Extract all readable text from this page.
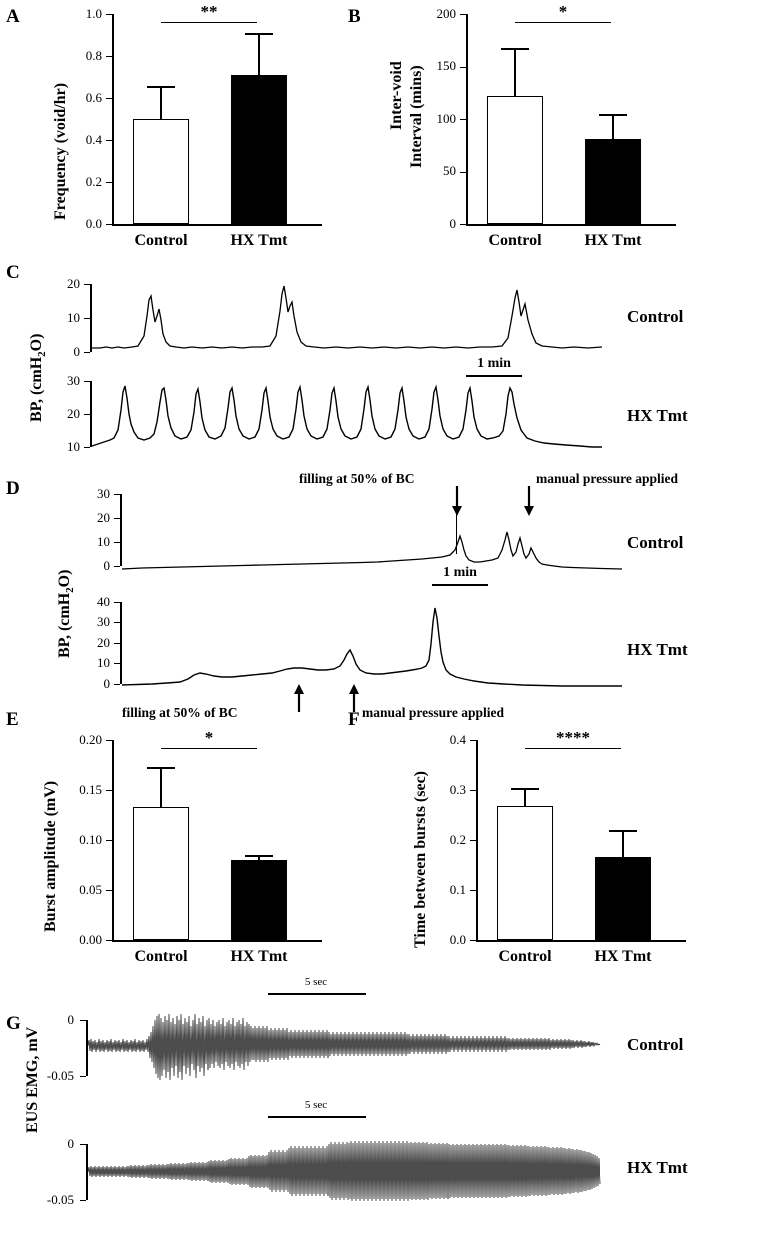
A
0.0
0.2
0.4
0.6
0.8
1.0
Frequency (void/hr)
**
Control	HX Tmt
B
0
50
100
150
200
Inter-void Interval (mins)
*
Control	HX Tmt
C
20
10
0
Control
1 min
30
20
10
HX Tmt
BP, (cmH$_2$O)
D	filling at 50% of BC	manual pressure applied
30
20
10
0
Control
1 min
40
30
20
10
0
filling at 50% of BC	manual pressure applied
HX Tmt
BP, (cmH$_2$O)
E
0.00
0.05
0.10
0.15
0.20
Burst amplitude (mV)
*
Control	HX Tmt
F
0.0
0.1
0.2
0.3
0.4
Time between bursts (sec)
****
Control	HX Tmt
G
5 sec
0
-0.05
Control
5 sec
0
-0.05
HX Tmt
EUS EMG, mV
